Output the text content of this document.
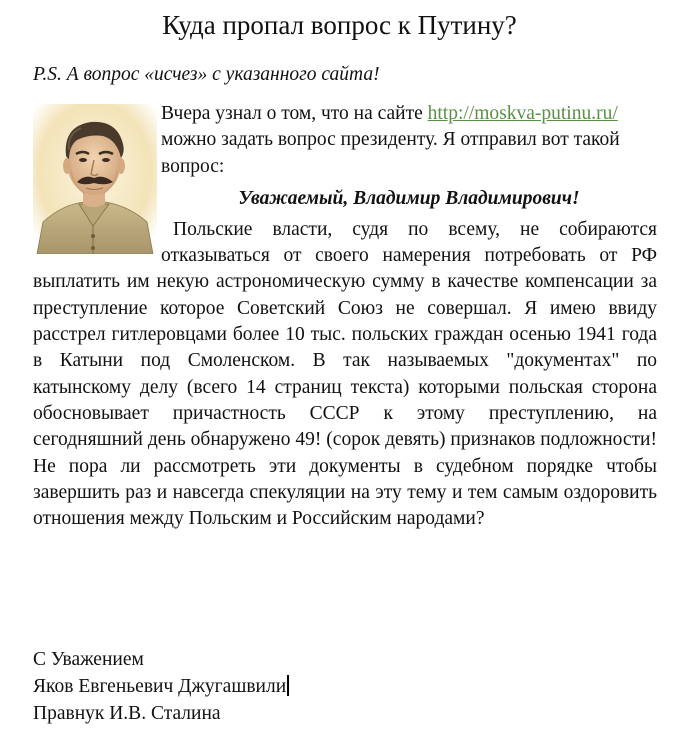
Куда пропал вопрос к Путину?

P.S. А вопрос «исчез» с указанного сайта!

Вчера узнал о том, что на сайте http://moskva-putinu.ru/ можно задать вопрос президенту. Я отправил вот такой вопрос:

Уважаемый, Владимир Владимирович!

Польские власти, судя по всему, не собираются отказываться от своего намерения потребовать от РФ выплатить им некую астрономическую сумму в качестве компенсации за преступление которое Советский Союз не совершал. Я имею ввиду расстрел гитлеровцами более 10 тыс. польских граждан осенью 1941 года в Катыни под Смоленском. В так называемых "документах" по катынскому делу (всего 14 страниц текста) которыми польская сторона обосновывает причастность СССР к этому преступлению, на сегодняшний день обнаружено 49! (сорок девять) признаков подложности! Не пора ли рассмотреть эти документы в судебном порядке чтобы завершить раз и навсегда спекуляции на эту тему и тем самым оздоровить отношения между Польским и Российским народами?

С Уважением
Яков Евгеньевич Джугашвили
Правнук И.В. Сталина
